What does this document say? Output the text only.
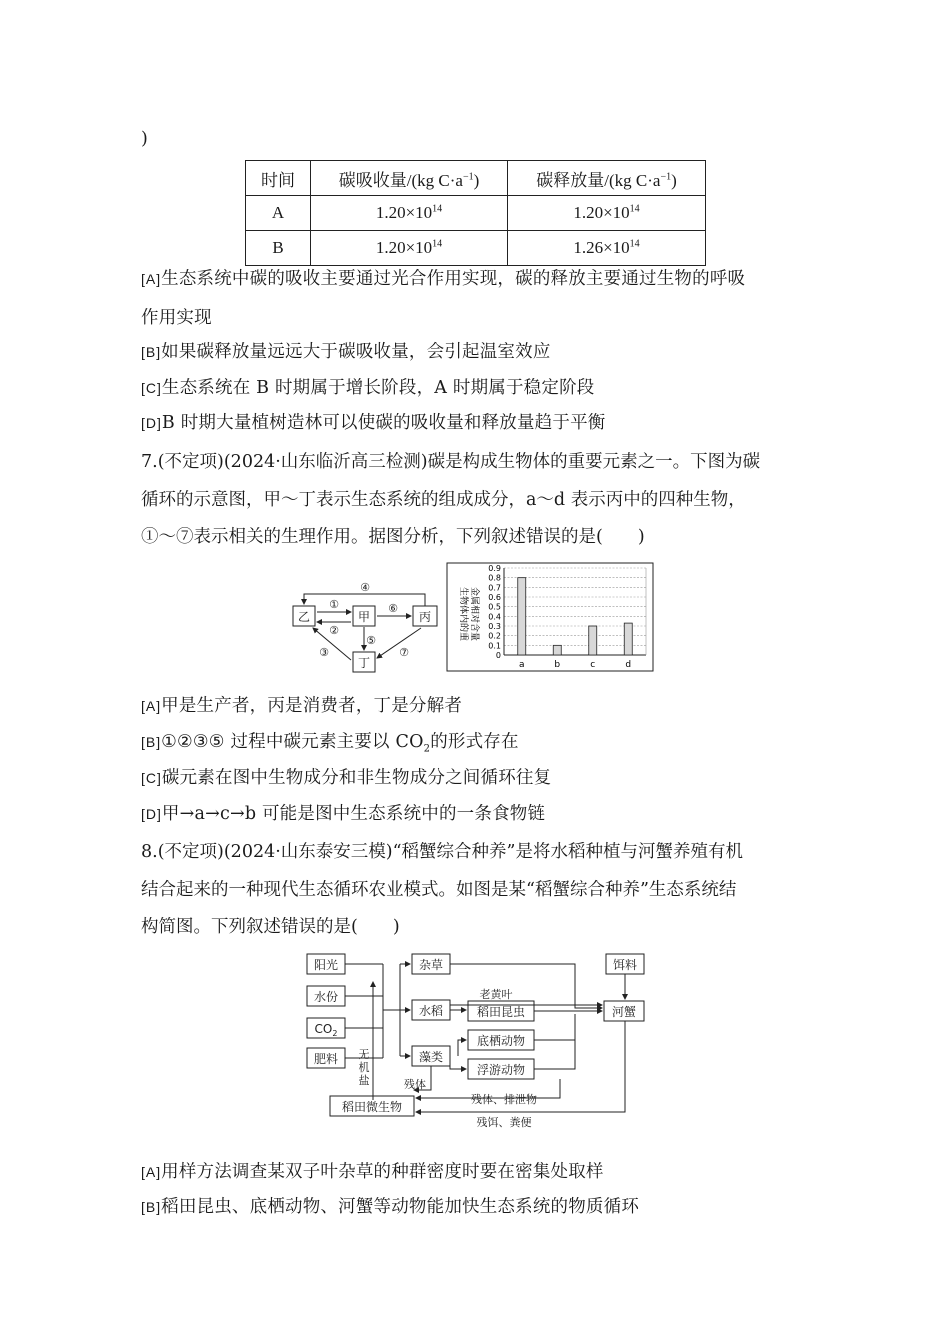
)
时间	碳吸收量/(kg $C\cdot a^{-1}$)	碳释放量/(kg $C\cdot a^{-1}$)
A	$1.20\times 10^{14}$	$1.20\times 10^{14}$
B	$1.20\times 10^{14}$	$1.26\times 10^{14}$
[A]生态系统中碳的吸收主要通过光合作用实现，碳的释放主要通过生物的呼吸
作用实现
[B]如果碳释放量远远大于碳吸收量，会引起温室效应
[C]生态系统在 B 时期属于增长阶段，A 时期属于稳定阶段
[D]B 时期大量植树造林可以使碳的吸收量和释放量趋于平衡
7.(不定项)(2024·山东临沂高三检测)碳是构成生物体的重要元素之一。下图为碳
循环的示意图，甲～丁表示生态系统的组成成分，a～d 表示丙中的四种生物，
①～⑦表示相关的生理作用。据图分析，下列叙述错误的是(　　)
乙	甲	丙
丁
④
①
②
⑥
⑤
③	⑦
生物体内的重 金属相对含量
0
0.1
0.2
0.3
0.4
0.5
0.6
0.7
0.8
0.9
a	b	c	d
[A]甲是生产者，丙是消费者，丁是分解者
[B]①②③⑤ 过程中碳元素主要以 $CO_2$的形式存在
[C]碳元素在图中生物成分和非生物成分之间循环往复
[D]甲→a→c→b 可能是图中生态系统中的一条食物链
8.(不定项)(2024·山东泰安三模)“稻蟹综合种养”是将水稻种植与河蟹养殖有机
结合起来的一种现代生态循环农业模式。如图是某“稻蟹综合种养”生态系统结
构简图。下列叙述错误的是(　　)
阳光
水份
$CO_2$
肥料
杂草
水稻
藻类
稻田昆虫
底栖动物
浮游动物
饵料
河蟹
稻田微生物
老黄叶
无
机
盐	残体
残体、排泄物
残饵、粪便
[A]用样方法调查某双子叶杂草的种群密度时要在密集处取样
[B]稻田昆虫、底栖动物、河蟹等动物能加快生态系统的物质循环
